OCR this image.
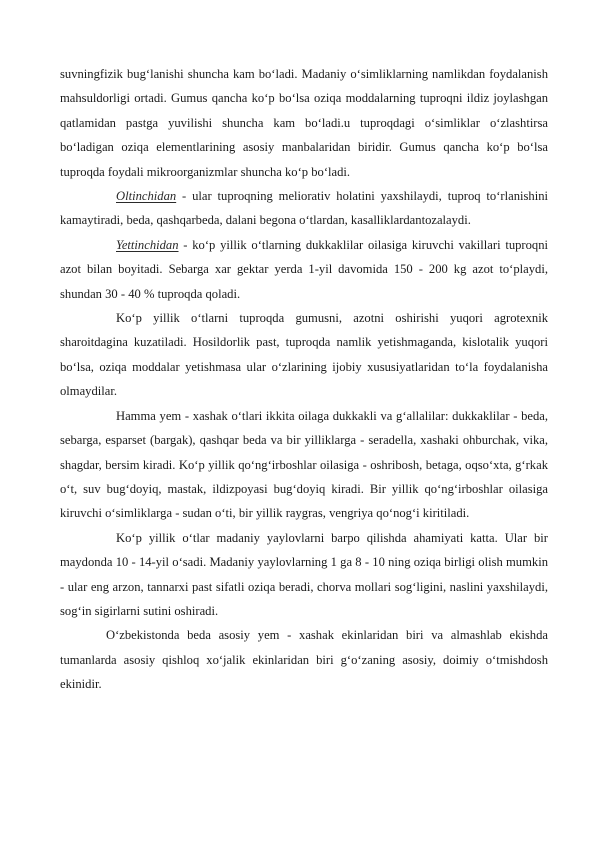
suvningfizik bug‘lanishi shuncha kam bo‘ladi. Madaniy o‘simliklarning namlikdan foydalanish mahsuldorligi ortadi. Gumus qancha ko‘p bo‘lsa oziqa moddalarning tuproqni ildiz joylashgan qatlamidan pastga yuvilishi shuncha kam bo‘ladi.u tuproqdagi o‘simliklar o‘zlashtirsa bo‘ladigan oziqa elementlarining asosiy manbalaridan biridir. Gumus qancha ko‘p bo‘lsa tuproqda foydali mikroorganizmlar shuncha ko‘p bo‘ladi.

Oltinchidan - ular tuproqning meliorativ holatini yaxshilaydi, tuproq to‘rlanishini kamaytiradi, beda, qashqarbeda, dalani begona o‘tlardan, kasalliklardantozalaydi.

Yettinchidan - ko‘p yillik o‘tlarning dukkaklilar oilasiga kiruvchi vakillari tuproqni azot bilan boyitadi. Sebarga xar gektar yerda 1-yil davomida 150 - 200 kg azot to‘playdi, shundan 30 - 40 % tuproqda qoladi.

Ko‘p yillik o‘tlarni tuproqda gumusni, azotni oshirishi yuqori agrotexnik sharoitdagina kuzatiladi. Hosildorlik past, tuproqda namlik yetishmaganda, kislotalik yuqori bo‘lsa, oziqa moddalar yetishmasa ular o‘zlarining ijobiy xususiyatlaridan to‘la foydalanisha olmaydilar.

Hamma yem - xashak o‘tlari ikkita oilaga dukkakli va g‘allalilar: dukkaklilar - beda, sebarga, esparset (bargak), qashqar beda va bir yilliklarga - seradella, xashaki ohburchak, vika, shagdar, bersim kiradi. Ko‘p yillik qo‘ng‘irboshlar oilasiga - oshribosh, betaga, oqso‘xta, g‘rkak o‘t, suv bug‘doyiq, mastak, ildizpoyasi bug‘doyiq kiradi. Bir yillik qo‘ng‘irboshlar oilasiga kiruvchi o‘simliklarga - sudan o‘ti, bir yillik raygras, vengriya qo‘nog‘i kiritiladi.

Ko‘p yillik o‘tlar madaniy yaylovlarni barpo qilishda ahamiyati katta. Ular bir maydonda 10 - 14-yil o‘sadi. Madaniy yaylovlarning 1 ga 8 - 10 ning oziqa birligi olish mumkin - ular eng arzon, tannarxi past sifatli oziqa beradi, chorva mollari sog‘ligini, naslini yaxshilaydi, sog‘in sigirlarni sutini oshiradi.

O‘zbekistonda beda asosiy yem - xashak ekinlaridan biri va almashlab ekishda tumanlarda asosiy qishloq xo‘jalik ekinlaridan biri g‘o‘zaning asosiy, doimiy o‘tmishdosh ekinidir.
